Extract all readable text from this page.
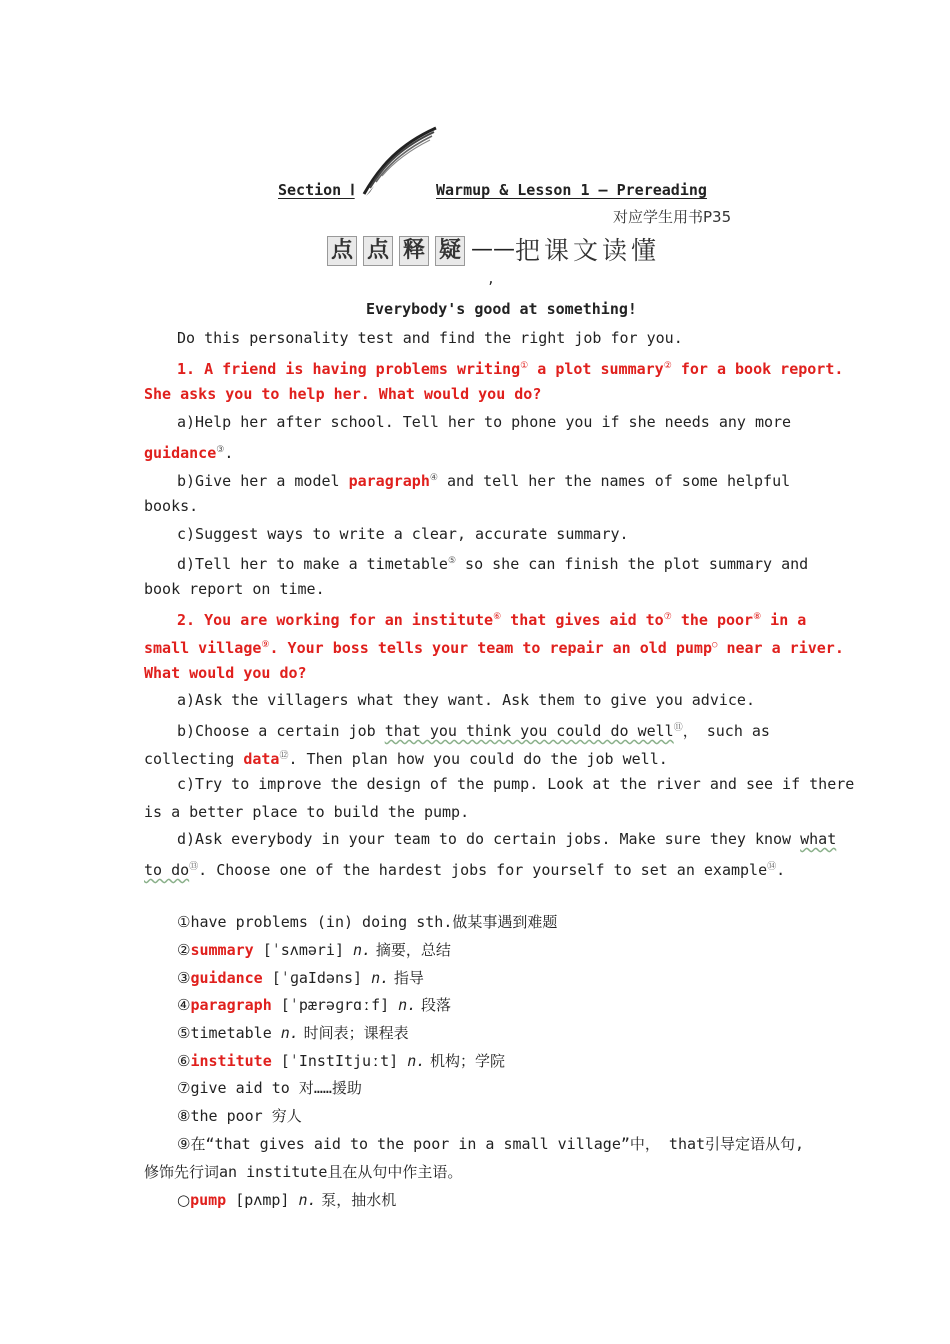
Section Ⅰ	Warmup & Lesson 1 — Prereading
对应学生用书P35
点 点 释 疑 ——把课文读懂
,
Everybody's good at something!
Do this personality test and find the right job for you.
1. A friend is having problems writing① a plot summary② for a book report.
She asks you to help her. What would you do?
a)Help her after school. Tell her to phone you if she needs any more
guidance③.
b)Give her a model paragraph④ and tell her the names of some helpful
books.
c)Suggest ways to write a clear, accurate summary.
d)Tell her to make a timetable⑤ so she can finish the plot summary and
book report on time.
2. You are working for an institute⑥ that gives aid to⑦ the poor⑧ in a
small village⑨. Your boss tells your team to repair an old pump○ near a river.
What would you do?
a)Ask the villagers what they want. Ask them to give you advice.
b)Choose a certain job that you think you could do well⑪， such as
collecting data⑫. Then plan how you could do the job well.
c)Try to improve the design of the pump. Look at the river and see if there
is a better place to build the pump.
d)Ask everybody in your team to do certain jobs. Make sure they know what
to do⑬. Choose one of the hardest jobs for yourself to set an example⑭.
①have problems (in) doing sth.做某事遇到难题
②summary [ˈsʌməri] n. 摘要，总结
③guidance [ˈɡaIdəns] n. 指导
④paragraph [ˈpærəɡrɑːf] n. 段落
⑤timetable n. 时间表；课程表
⑥institute [ˈInstItjuːt] n. 机构；学院
⑦give aid to 对……援助
⑧the poor 穷人
⑨在“that gives aid to the poor in a small village”中， that引导定语从句,
修饰先行词an institute且在从句中作主语。
○pump [pʌmp] n. 泵，抽水机
